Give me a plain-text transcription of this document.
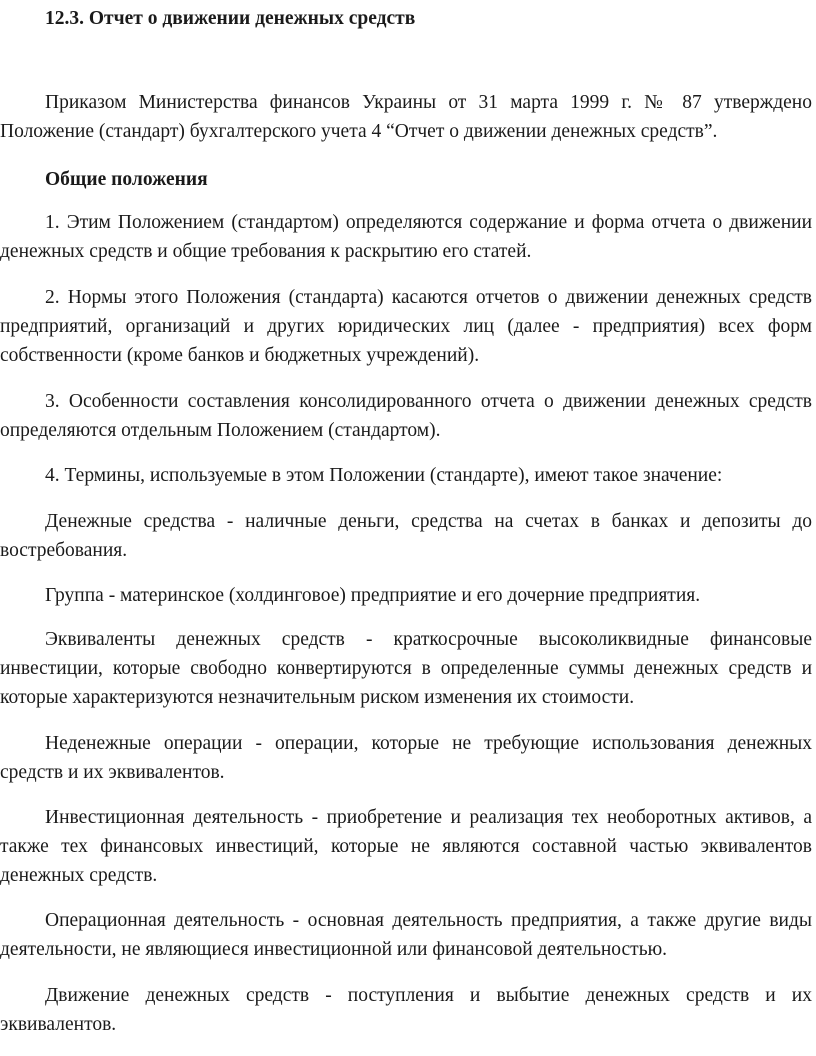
12.3. Отчет о движении денежных средств

Приказом Министерства финансов Украины от 31 марта 1999 г. № 87 утверждено Положение (стандарт) бухгалтерского учета 4 “Отчет о движении денежных средств”.

Общие положения

1. Этим Положением (стандартом) определяются содержание и форма отчета о движении денежных средств и общие требования к раскрытию его статей.

2. Нормы этого Положения (стандарта) касаются отчетов о движении денежных средств предприятий, организаций и других юридических лиц (далее - предприятия) всех форм собственности (кроме банков и бюджетных учреждений).

3. Особенности составления консолидированного отчета о движении денежных средств определяются отдельным Положением (стандартом).

4. Термины, используемые в этом Положении (стандарте), имеют такое значение:

Денежные средства - наличные деньги, средства на счетах в банках и депозиты до востребования.

Группа - материнское (холдинговое) предприятие и его дочерние предприятия.

Эквиваленты денежных средств - краткосрочные высоколиквидные финансовые инвестиции, которые свободно конвертируются в определенные суммы денежных средств и которые характеризуются незначительным риском изменения их стоимости.

Неденежные операции - операции, которые не требующие использования денежных средств и их эквивалентов.

Инвестиционная деятельность - приобретение и реализация тех необоротных активов, а также тех финансовых инвестиций, которые не являются составной частью эквивалентов денежных средств.

Операционная деятельность - основная деятельность предприятия, а также другие виды деятельности, не являющиеся инвестиционной или финансовой деятельностью.

Движение денежных средств - поступления и выбытие денежных средств и их эквивалентов.
